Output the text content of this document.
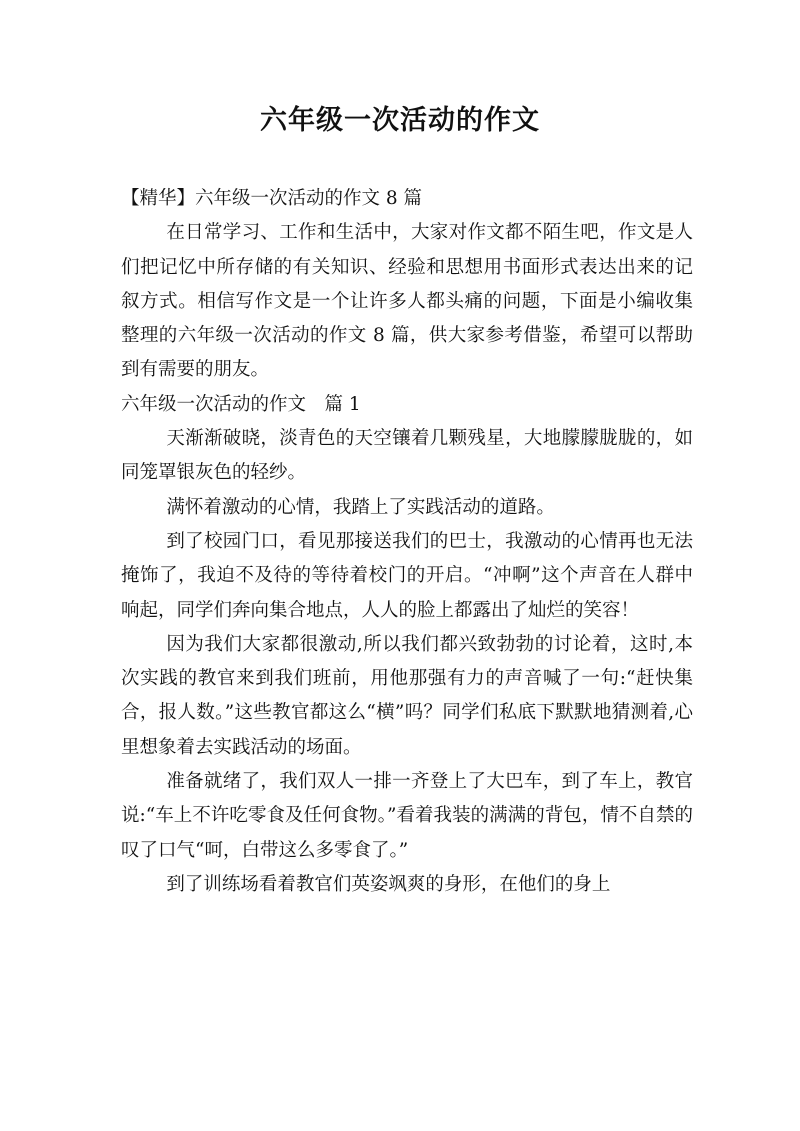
六年级一次活动的作文

【精华】六年级一次活动的作文 8 篇

在日常学习、工作和生活中，大家对作文都不陌生吧，作文是人们把记忆中所存储的有关知识、经验和思想用书面形式表达出来的记叙方式。相信写作文是一个让许多人都头痛的问题，下面是小编收集整理的六年级一次活动的作文 8 篇，供大家参考借鉴，希望可以帮助到有需要的朋友。

六年级一次活动的作文　篇 1

天渐渐破晓，淡青色的天空镶着几颗残星，大地朦朦胧胧的，如同笼罩银灰色的轻纱。

满怀着激动的心情，我踏上了实践活动的道路。

到了校园门口，看见那接送我们的巴士，我激动的心情再也无法掩饰了，我迫不及待的等待着校门的开启。“冲啊”这个声音在人群中响起，同学们奔向集合地点，人人的脸上都露出了灿烂的笑容！

因为我们大家都很激动,所以我们都兴致勃勃的讨论着，这时,本次实践的教官来到我们班前，用他那强有力的声音喊了一句:“赶快集合，报人数。”这些教官都这么“横”吗？同学们私底下默默地猜测着,心里想象着去实践活动的场面。

准备就绪了，我们双人一排一齐登上了大巴车，到了车上，教官说:“车上不许吃零食及任何食物。”看着我装的满满的背包，情不自禁的叹了口气“呵，白带这么多零食了。”

到了训练场看着教官们英姿飒爽的身形，在他们的身上
